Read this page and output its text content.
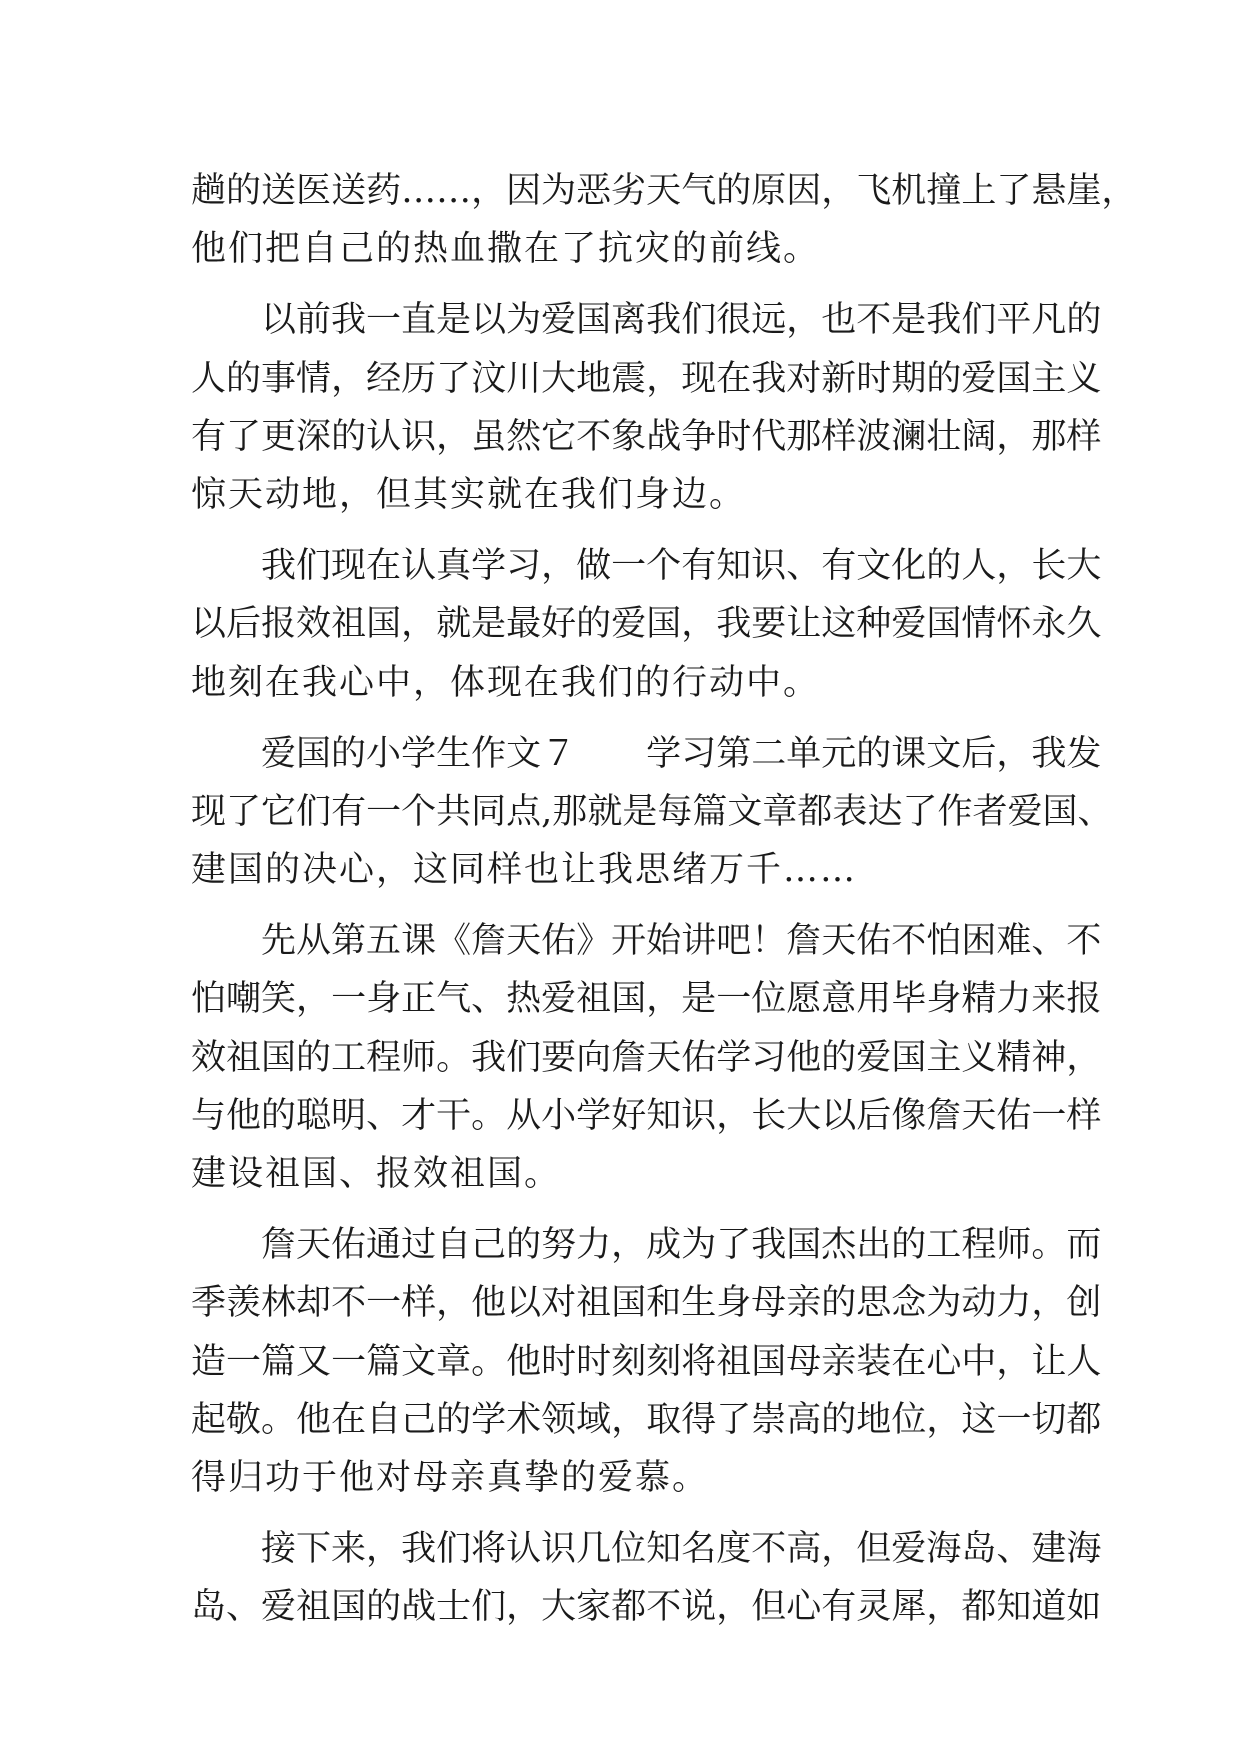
趟 的 送 医 送 药 … … ， 因 为 恶 劣 天 气 的 原 因 ， 飞 机 撞 上 了 悬 崖 ，
他们把自己的热血撒在了抗灾的前线。
以 前 我 一 直 是 以 为 爱 国 离 我 们 很 远 ， 也 不 是 我 们 平 凡 的
人 的 事 情 ， 经 历 了 汶 川 大 地 震 ， 现 在 我 对 新 时 期 的 爱 国 主 义
有 了 更 深 的 认 识 ， 虽 然 它 不 象 战 争 时 代 那 样 波 澜 壮 阔 ， 那 样
惊天动地，但其实就在我们身边。
我 们 现 在 认 真 学 习 ， 做 一 个 有 知 识 、 有 文 化 的 人 ， 长 大
以 后 报 效 祖 国 ， 就 是 最 好 的 爱 国 ， 我 要 让 这 种 爱 国 情 怀 永 久
地刻在我心中，体现在我们的行动中。
爱 国 的 小 学 生 作 文 ７

　 学 习 第 二 单 元 的 课 文 后 ， 我 发
现 了 它 们 有 一 个 共 同 点 , 那 就 是 每 篇 文 章 都 表 达 了 作 者 爱 国 、
建国的决心，这同样也让我思绪万千……
先 从 第 五 课 《 詹 天 佑 》 开 始 讲 吧 ！ 詹 天 佑 不 怕 困 难 、 不
怕 嘲 笑 ， 一 身 正 气 、 热 爱 祖 国 ， 是 一 位 愿 意 用 毕 身 精 力 来 报
效 祖 国 的 工 程 师 。 我 们 要 向 詹 天 佑 学 习 他 的 爱 国 主 义 精 神 ，
与 他 的 聪 明 、 才 干 。 从 小 学 好 知 识 ， 长 大 以 后 像 詹 天 佑 一 样
建设祖国、报效祖国。
詹 天 佑 通 过 自 己 的 努 力 ， 成 为 了 我 国 杰 出 的 工 程 师 。 而
季 羡 林 却 不 一 样 ， 他 以 对 祖 国 和 生 身 母 亲 的 思 念 为 动 力 ， 创
造 一 篇 又 一 篇 文 章 。 他 时 时 刻 刻 将 祖 国 母 亲 装 在 心 中 ， 让 人
起 敬 。 他 在 自 己 的 学 术 领 域 ， 取 得 了 崇 高 的 地 位 ， 这 一 切 都
得归功于他对母亲真挚的爱慕。
接 下 来 ， 我 们 将 认 识 几 位 知 名 度 不 高 ， 但 爱 海 岛 、 建 海
岛 、 爱 祖 国 的 战 士 们 ， 大 家 都 不 说 ， 但 心 有 灵 犀 ， 都 知 道 如
